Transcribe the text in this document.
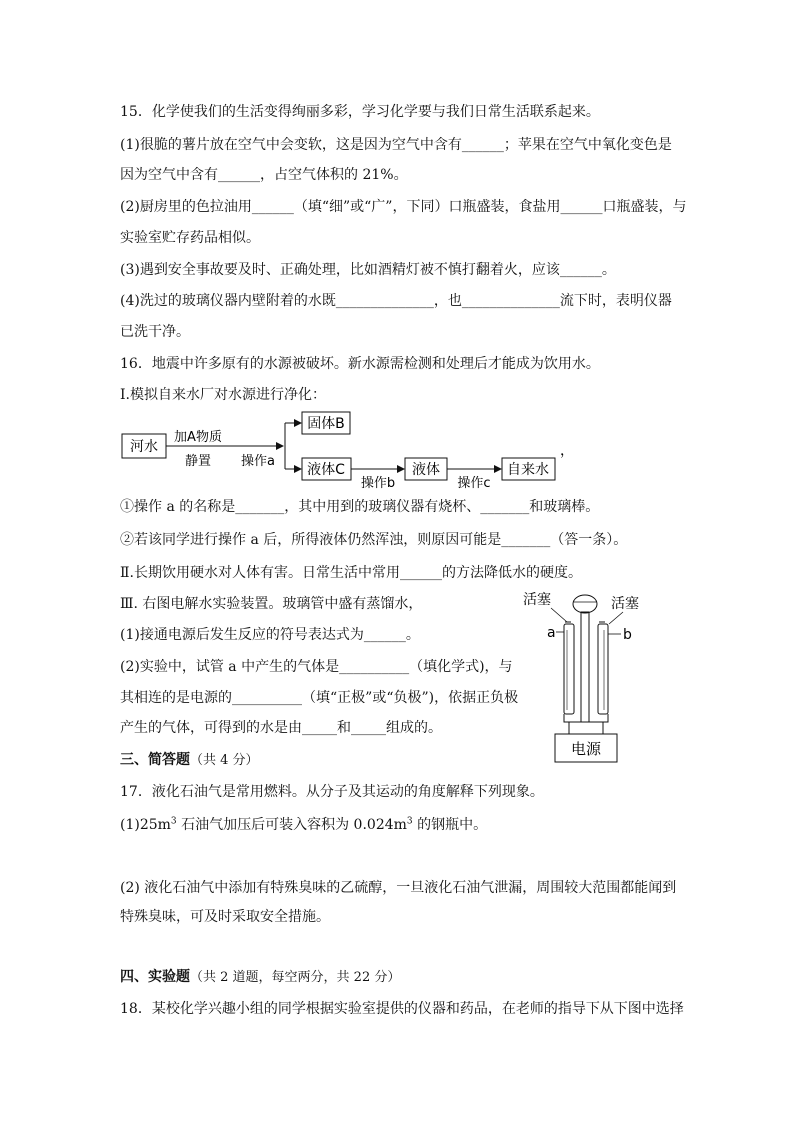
15．化学使我们的生活变得绚丽多彩，学习化学要与我们日常生活联系起来。
(1)很脆的薯片放在空气中会变软，这是因为空气中含有______；苹果在空气中氧化变色是
因为空气中含有______，占空气体积的 21%。
(2)厨房里的色拉油用______（填“细”或“广”，下同）口瓶盛装，食盐用______口瓶盛装，与
实验室贮存药品相似。
(3)遇到安全事故要及时、正确处理，比如酒精灯被不慎打翻着火，应该______。
(4)洗过的玻璃仪器内壁附着的水既______________，也______________流下时，表明仪器
已洗干净。
16．地震中许多原有的水源被破坏。新水源需检测和处理后才能成为饮用水。
Ⅰ.模拟自来水厂对水源进行净化：
河水
加A物质
静置 操作a
固体B
液体C
操作b
液体
操作c
自来水
，
①操作 a 的名称是_______，其中用到的玻璃仪器有烧杯、_______和玻璃棒。
②若该同学进行操作 a 后，所得液体仍然浑浊，则原因可能是_______（答一条）。
Ⅱ.长期饮用硬水对人体有害。日常生活中常用______的方法降低水的硬度。
Ⅲ. 右图电解水实验装置。玻璃管中盛有蒸馏水，
(1)接通电源后发生反应的符号表达式为______。
(2)实验中，试管 a 中产生的气体是__________（填化学式)，与
其相连的是电源的__________（填“正极”或“负极”)，依据正负极
产生的气体，可得到的水是由_____和_____组成的。
活塞	活塞
a	b
电源
三、简答题（共 4 分）
17．液化石油气是常用燃料。从分子及其运动的角度解释下列现象。
$(1)25m^3$ 石油气加压后可装入容积为 $0.024m^3$ 的钢瓶中。
(2) 液化石油气中添加有特殊臭味的乙硫醇，一旦液化石油气泄漏，周围较大范围都能闻到
特殊臭味，可及时采取安全措施。
四、实验题（共 2 道题，每空两分，共 22 分）
18．某校化学兴趣小组的同学根据实验室提供的仪器和药品，在老师的指导下从下图中选择
